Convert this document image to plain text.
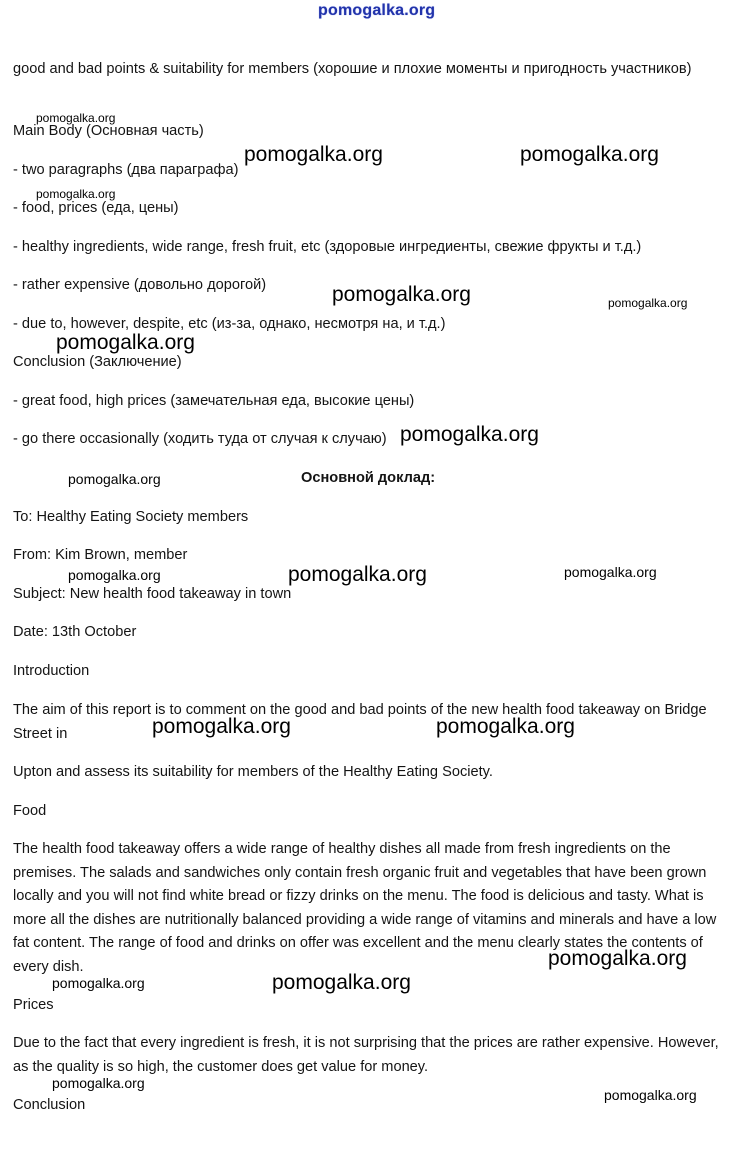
pomogalka.org
good and bad points & suitability for members (хорошие и плохие моменты и пригодность участников)
Main Body (Основная часть)
- two paragraphs (два параграфа)
- food, prices (еда, цены)
- healthy ingredients, wide range, fresh fruit, etc (здоровые ингредиенты, свежие фрукты и т.д.)
- rather expensive (довольно дорогой)
- due to, however, despite, etc (из-за, однако, несмотря на, и т.д.)
Conclusion (Заключение)
- great food, high prices (замечательная еда, высокие цены)
- go there occasionally (ходить туда от случая к случаю)
Основной доклад:
To: Healthy Eating Society members
From: Kim Brown, member
Subject: New health food takeaway in town
Date: 13th October
Introduction
The aim of this report is to comment on the good and bad points of the new health food takeaway on Bridge Street in
Upton and assess its suitability for members of the Healthy Eating Society.
Food
The health food takeaway offers a wide range of healthy dishes all made from fresh ingredients on the premises. The salads and sandwiches only contain fresh organic fruit and vegetables that have been grown locally and you will not find white bread or fizzy drinks on the menu. The food is delicious and tasty. What is more all the dishes are nutritionally balanced providing a wide range of vitamins and minerals and have a low fat content. The range of food and drinks on offer was excellent and the menu clearly states the contents of every dish.
Prices
Due to the fact that every ingredient is fresh, it is not surprising that the prices are rather expensive. However, as the quality is so high, the customer does get value for money.
Conclusion
pomogalka.org
pomogalka.org	pomogalka.org
pomogalka.org
pomogalka.org	pomogalka.org
pomogalka.org
pomogalka.org
pomogalka.org
pomogalka.org	pomogalka.org	pomogalka.org
pomogalka.org	pomogalka.org
pomogalka.org
pomogalka.org	pomogalka.org
pomogalka.org
pomogalka.org
